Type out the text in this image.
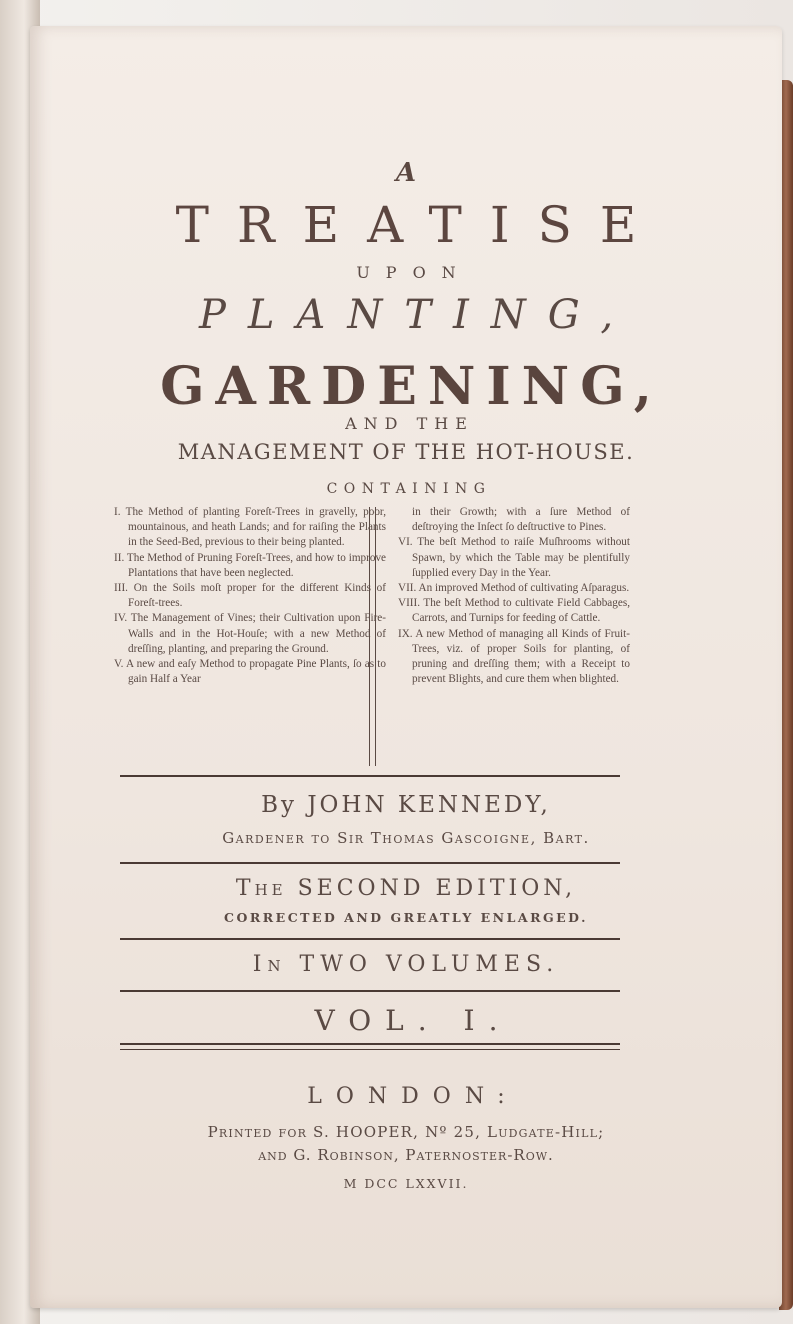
A
TREATISE
UPON
PLANTING,
GARDENING,
AND THE
MANAGEMENT OF THE HOT-HOUSE.
CONTAINING

I. The Method of planting Foreſt-Trees in gravelly, poor, mountainous, and heath Lands; and for raiſing the Plants in the Seed-Bed, previous to their being planted.

II. The Method of Pruning Foreſt-Trees, and how to improve Plantations that have been neglected.

III. On the Soils moſt proper for the different Kinds of Foreſt-trees.

IV. The Management of Vines; their Cultivation upon Fire-Walls and in the Hot-Houſe; with a new Method of dreſſing, planting, and preparing the Ground.

V. A new and eaſy Method to propagate Pine Plants, ſo as to gain Half a Year

in their Growth; with a ſure Method of deſtroying the Inſect ſo deſtructive to Pines.

VI. The beſt Method to raiſe Muſhrooms without Spawn, by which the Table may be plentifully ſupplied every Day in the Year.

VII. An improved Method of cultivating Aſparagus.

VIII. The beſt Method to cultivate Field Cabbages, Carrots, and Turnips for feeding of Cattle.

IX. A new Method of managing all Kinds of Fruit-Trees, viz. of proper Soils for planting, of pruning and dreſſing them; with a Receipt to prevent Blights, and cure them when blighted.

By JOHN KENNEDY,
Gardener to Sir Thomas Gascoigne, Bart.
The SECOND EDITION,
CORRECTED AND GREATLY ENLARGED.
In TWO VOLUMES.
VOL. I.
LONDON:
Printed for S. HOOPER, Nº 25, Ludgate-Hill;
and G. Robinson, Paternoster-Row.
M DCC LXXVII.
